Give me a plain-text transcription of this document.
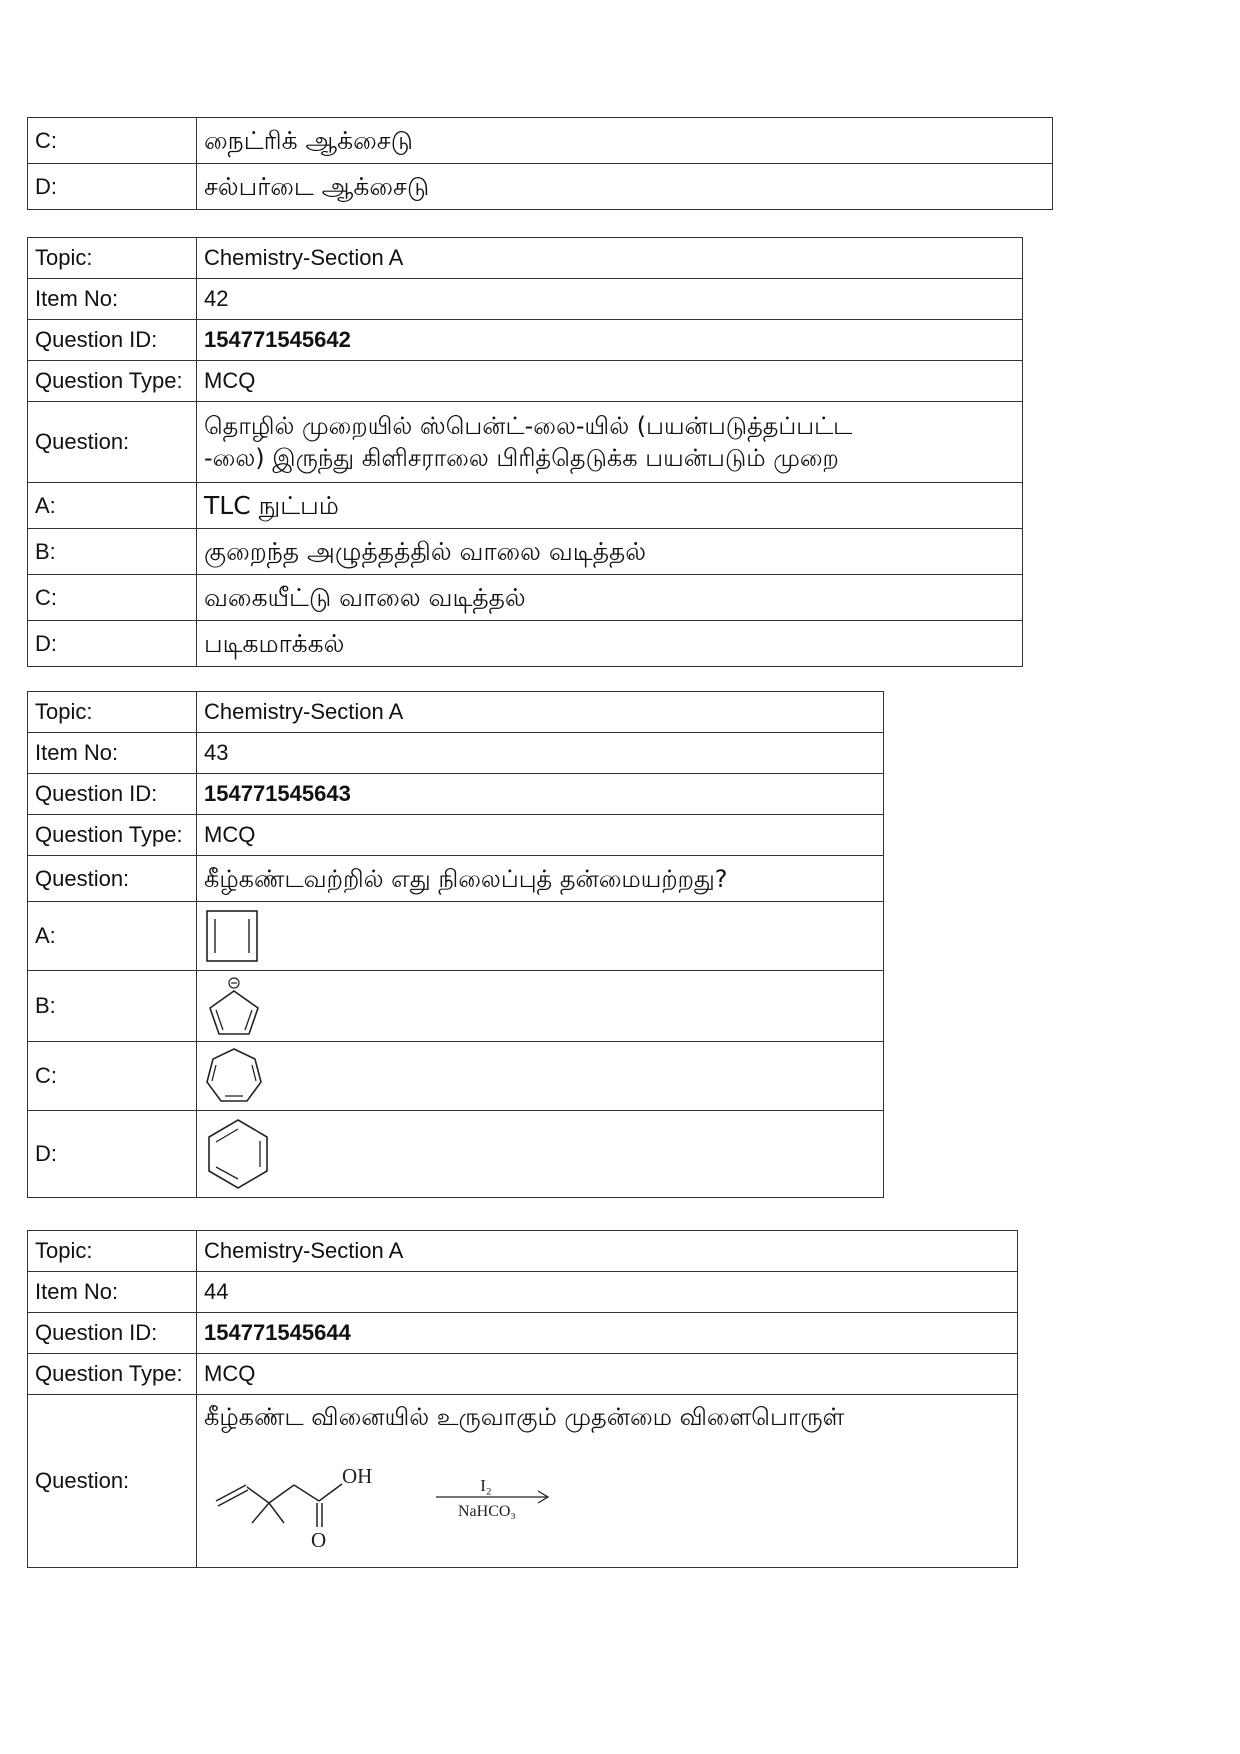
C:	நைட்ரிக் ஆக்சைடு
D:	சல்பர்டை ஆக்சைடு
Topic:	Chemistry-Section A
Item No:	42
Question ID:	154771545642
Question Type:	MCQ
Question:	தொழில் முறையில் ஸ்பென்ட்-லை-யில் (பயன்படுத்தப்பட்ட
-லை) இருந்து கிளிசராலை பிரித்தெடுக்க பயன்படும் முறை

A:	TLC நுட்பம்
B:	குறைந்த அழுத்தத்தில் வாலை வடித்தல்
C:	வகையீட்டு வாலை வடித்தல்
D:	படிகமாக்கல்
Topic:	Chemistry-Section A
Item No:	43
Question ID:	154771545643
Question Type:	MCQ
Question:	கீழ்கண்டவற்றில் எது நிலைப்புத் தன்மையற்றது?
A:	

B:	

C:	

D:	
Topic:	Chemistry-Section A
Item No:	44
Question ID:	154771545644
Question Type:	MCQ
Question:	கீழ்கண்ட வினையில் உருவாகும் முதன்மை விளைபொருள்
OH
O
I₂
NaHCO₃
